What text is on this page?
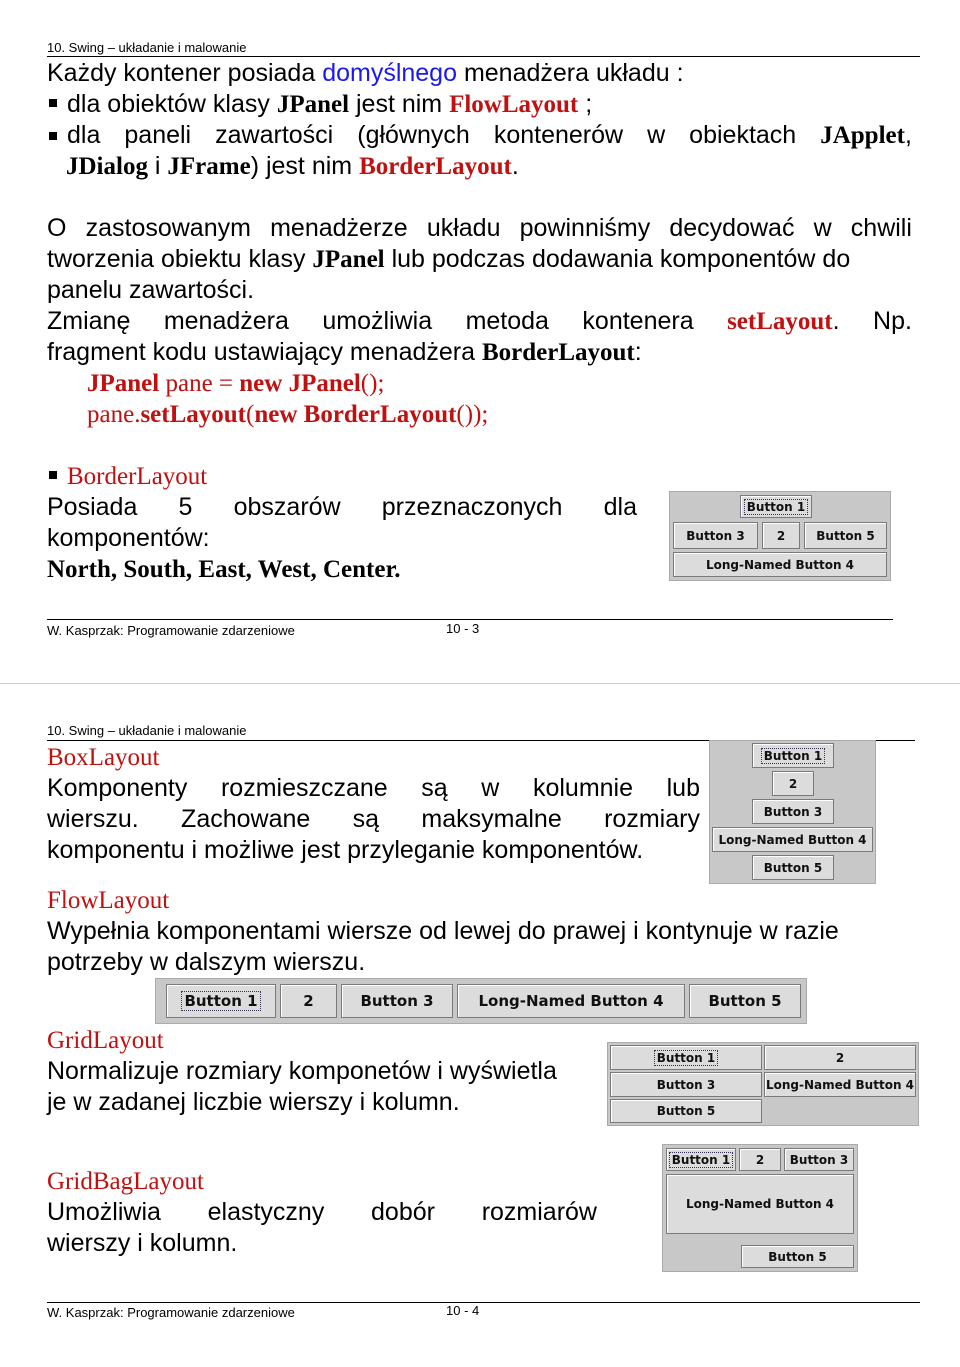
10. Swing – układanie i malowanie
Każdy kontener posiada domyślnego menadżera układu :
dla obiektów klasy JPanel jest nim FlowLayout ;
dla paneli zawartości (głównych kontenerów w obiektach JApplet,
JDialog i JFrame) jest nim BorderLayout.
O zastosowanym menadżerze układu powinniśmy decydować w chwili
tworzenia obiektu klasy JPanel lub podczas dodawania komponentów do
panelu zawartości.
Zmianę menadżera umożliwia metoda kontenera setLayout. Np.
fragment kodu ustawiający menadżera BorderLayout:
JPanel pane = new JPanel();
pane.setLayout(new BorderLayout());
BorderLayout
Posiada 5 obszarów przeznaczonych dla
komponentów:
North, South, East, West, Center.
Button 1
Button 3	2	Button 5
Long-Named Button 4
W. Kasprzak: Programowanie zdarzeniowe	10 - 3
10. Swing – układanie i malowanie
BoxLayout
Komponenty rozmieszczane są w kolumnie lub
wierszu. Zachowane są maksymalne rozmiary
komponentu i możliwe jest przyleganie komponentów.
Button 1
2
Button 3
Long-Named Button 4
Button 5
FlowLayout
Wypełnia komponentami wiersze od lewej do prawej i kontynuje w razie
potrzeby w dalszym wierszu.
Button 1	2	Button 3	Long-Named Button 4	Button 5
GridLayout
Normalizuje rozmiary komponetów i wyświetla
je w zadanej liczbie wierszy i kolumn.
Button 1	2
Button 3	Long-Named Button 4
Button 5
GridBagLayout
Umożliwia elastyczny dobór rozmiarów
wierszy i kolumn.
Button 1	2	Button 3
Long-Named Button 4
Button 5
W. Kasprzak: Programowanie zdarzeniowe	10 - 4
